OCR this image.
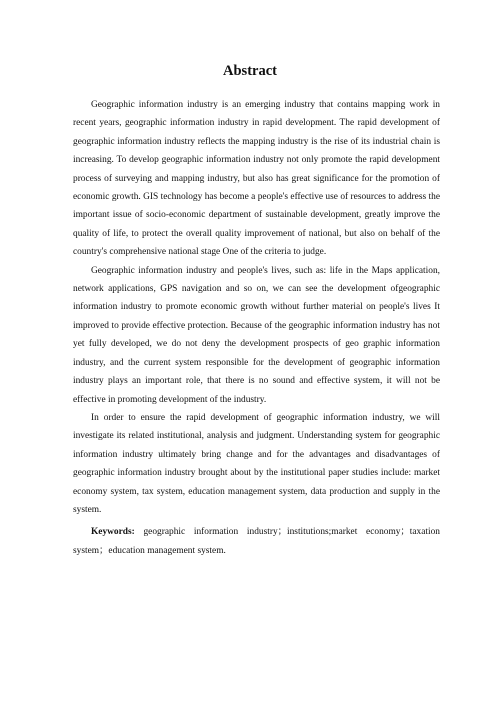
Abstract

Geographic information industry is an emerging industry that contains mapping work in recent years, geographic information industry in rapid development. The rapid development of geographic information industry reflects the mapping industry is the rise of its industrial chain is increasing. To develop geographic information industry not only promote the rapid development process of surveying and mapping industry, but also has great significance for the promotion of economic growth. GIS technology has become a people's effective use of resources to address the important issue of socio-economic department of sustainable development, greatly improve the quality of life, to protect the overall quality improvement of national, but also on behalf of the country's comprehensive national stage One of the criteria to judge.

Geographic information industry and people's lives, such as: life in the Maps application, network applications, GPS navigation and so on, we can see the development ofgeographic information industry to promote economic growth without further material on people's lives It improved to provide effective protection. Because of the geographic information industry has not yet fully developed, we do not deny the development prospects of geo graphic information industry, and the current system responsible for the development of geographic information industry plays an important role, that there is no sound and effective system, it will not be effective in promoting development of the industry.

In order to ensure the rapid development of geographic information industry, we will investigate its related institutional, analysis and judgment. Understanding system for geographic information industry ultimately bring change and for the advantages and disadvantages of geographic information industry brought about by the institutional paper studies include: market economy system, tax system, education management system, data production and supply in the system.

Keywords: geographic information industry；institutions;market economy；taxation system；education management system.
